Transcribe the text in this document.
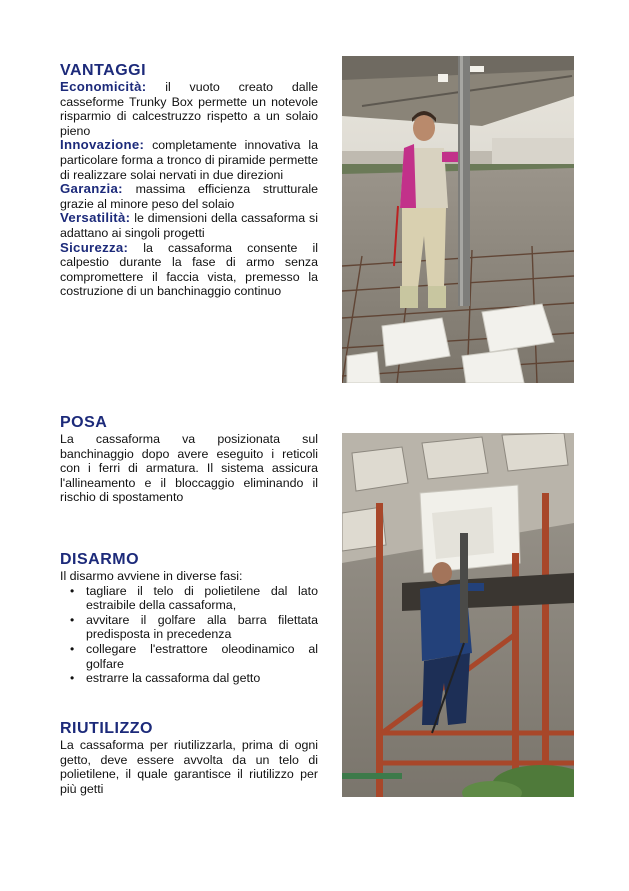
VANTAGGI

Economicità: il vuoto creato dalle casseforme Trunky Box permette un notevole risparmio di calcestruzzo rispetto a un solaio pieno

Innovazione: completamente innovativa la particolare forma a tronco di piramide permette di realizzare solai nervati in due direzioni

Garanzia: massima efficienza strutturale grazie al minore peso del solaio

Versatilità: le dimensioni della cassaforma si adattano ai singoli progetti

Sicurezza: la cassaforma consente il calpestio durante la fase di armo senza compromettere il faccia vista, premesso la costruzione di un banchinaggio continuo

POSA

La cassaforma va posizionata sul banchinaggio dopo avere eseguito i reticoli con i ferri di armatura. Il sistema assicura l'allineamento e il bloccaggio eliminando il rischio di spostamento

DISARMO

Il disarmo avviene in diverse fasi:

• tagliare il telo di polietilene dal lato estraibile della cassaforma,
• avvitare il golfare alla barra filettata predisposta in precedenza
• collegare l'estrattore oleodinamico al golfare
• estrarre la cassaforma dal getto
RIUTILIZZO

La cassaforma per riutilizzarla, prima di ogni getto, deve essere avvolta da un telo di polietilene, il quale garantisce il riutilizzo per più getti
